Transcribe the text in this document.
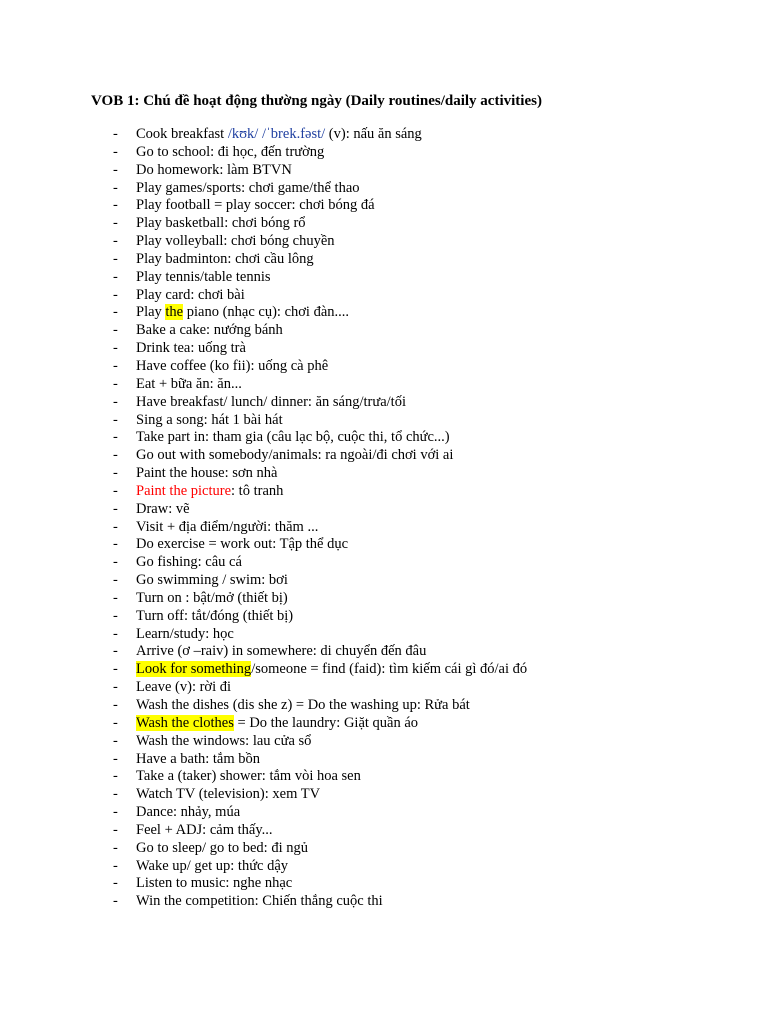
VOB 1: Chú đề hoạt động thường ngày (Daily routines/daily activities)
- Cook breakfast /kʊk/ /ˈbrek.fəst/ (v): nấu ăn sáng
- Go to school: đi học, đến trường
- Do homework: làm BTVN
- Play games/sports: chơi game/thể thao
- Play football = play soccer: chơi bóng đá
- Play basketball: chơi bóng rổ
- Play volleyball: chơi bóng chuyền
- Play badminton: chơi cầu lông
- Play tennis/table tennis
- Play card: chơi bài
- Play the piano (nhạc cụ): chơi đàn....
- Bake a cake: nướng bánh
- Drink tea: uống trà
- Have coffee (ko fii): uống cà phê
- Eat + bữa ăn: ăn...
- Have breakfast/ lunch/ dinner: ăn sáng/trưa/tối
- Sing a song: hát 1 bài hát
- Take part in: tham gia (câu lạc bộ, cuộc thi, tổ chức...)
- Go out with somebody/animals: ra ngoài/đi chơi với ai
- Paint the house: sơn nhà
- Paint the picture: tô tranh
- Draw: vẽ
- Visit + địa điểm/người: thăm ...
- Do exercise = work out: Tập thể dục
- Go fishing: câu cá
- Go swimming / swim: bơi
- Turn on : bật/mở (thiết bị)
- Turn off: tắt/đóng (thiết bị)
- Learn/study: học
- Arrive (ơ –raiv) in somewhere: di chuyển đến đâu
- Look for something/someone = find (faid): tìm kiếm cái gì đó/ai đó
- Leave (v): rời đi
- Wash the dishes (dis she z) = Do the washing up: Rửa bát
- Wash the clothes = Do the laundry: Giặt quần áo
- Wash the windows: lau cửa sổ
- Have a bath: tắm bồn
- Take a (taker) shower: tắm vòi hoa sen
- Watch TV (television): xem TV
- Dance: nhảy, múa
- Feel + ADJ: cảm thấy...
- Go to sleep/ go to bed: đi ngủ
- Wake up/ get up: thức dậy
- Listen to music: nghe nhạc
- Win the competition: Chiến thắng cuộc thi
